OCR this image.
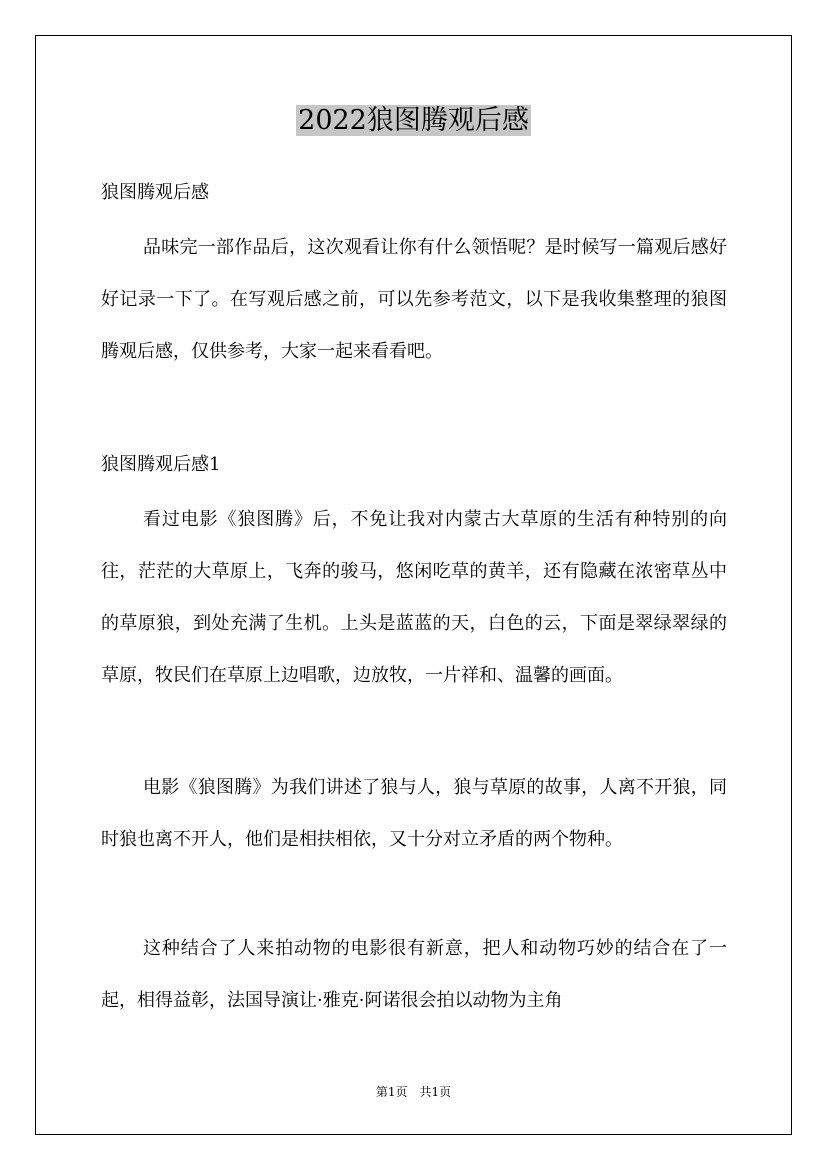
2022狼图腾观后感
狼图腾观后感
品味完一部作品后，这次观看让你有什么领悟呢？是时候写一篇观后感好好记录一下了。在写观后感之前，可以先参考范文，以下是我收集整理的狼图腾观后感，仅供参考，大家一起来看看吧。
狼图腾观后感1
看过电影《狼图腾》后，不免让我对内蒙古大草原的生活有种特别的向往，茫茫的大草原上，飞奔的骏马，悠闲吃草的黄羊，还有隐藏在浓密草丛中的草原狼，到处充满了生机。上头是蓝蓝的天，白色的云，下面是翠绿翠绿的草原，牧民们在草原上边唱歌，边放牧，一片祥和、温馨的画面。
电影《狼图腾》为我们讲述了狼与人，狼与草原的故事，人离不开狼，同时狼也离不开人，他们是相扶相依，又十分对立矛盾的两个物种。
这种结合了人来拍动物的电影很有新意，把人和动物巧妙的结合在了一起，相得益彰，法国导演让·雅克·阿诺很会拍以动物为主角
第1页　共1页
